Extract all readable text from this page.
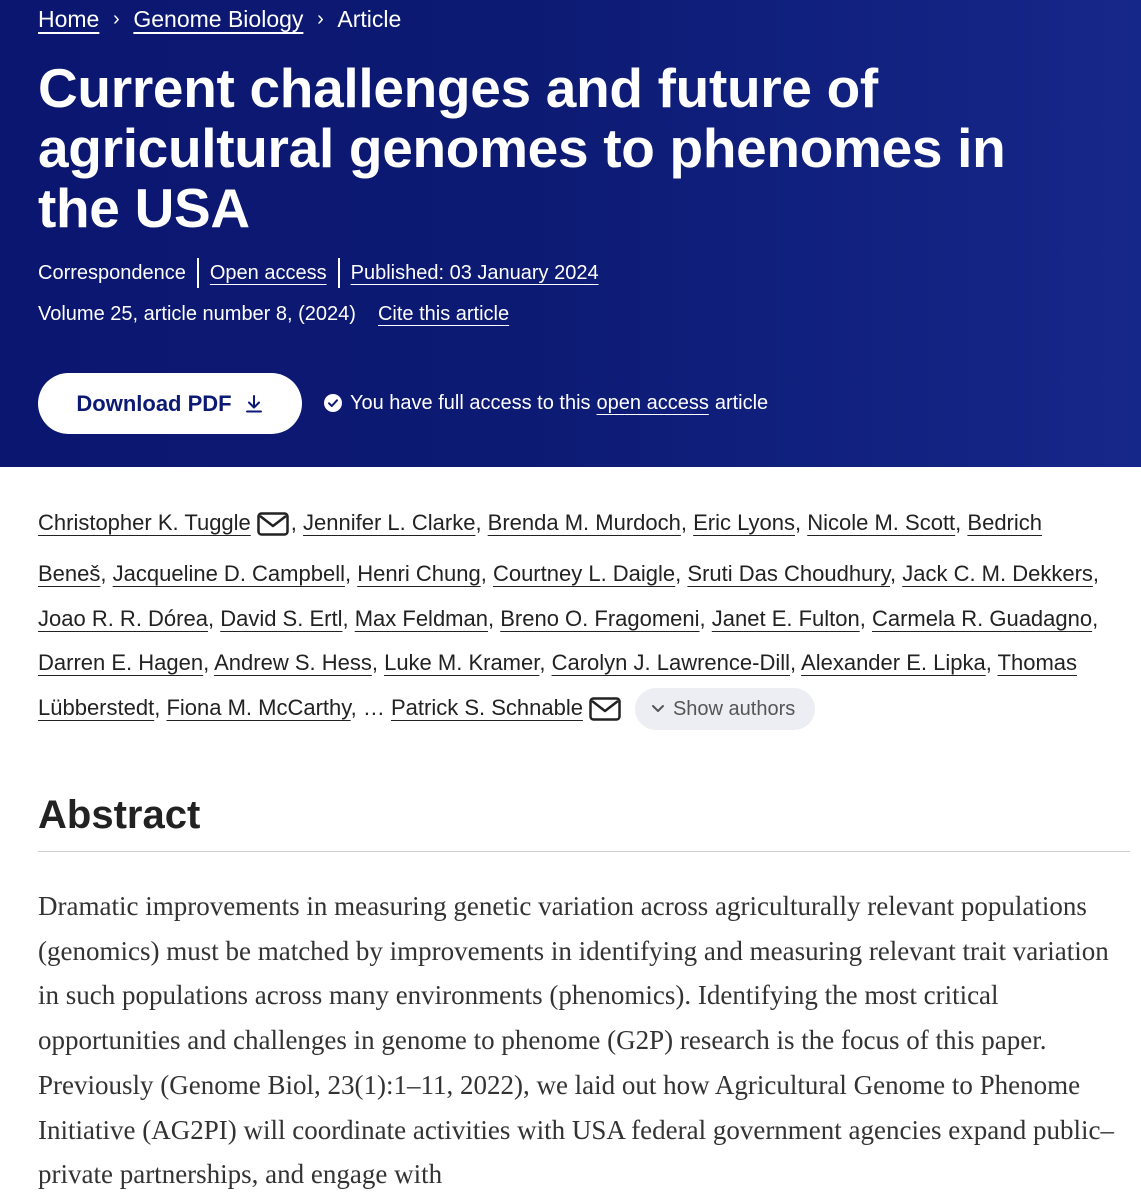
Home › Genome Biology › Article
Current challenges and future of agricultural genomes to phenomes in the USA
Correspondence Open access Published: 03 January 2024
Volume 25, article number 8, (2024) Cite this article
Download PDF	You have full access to this open access article
Christopher K. Tuggle , Jennifer L. Clarke, Brenda M. Murdoch, Eric Lyons, Nicole M. Scott, Bedrich Beneš, Jacqueline D. Campbell, Henri Chung, Courtney L. Daigle, Sruti Das Choudhury, Jack C. M. Dekkers, Joao R. R. Dórea, David S. Ertl, Max Feldman, Breno O. Fragomeni, Janet E. Fulton, Carmela R. Guadagno, Darren E. Hagen, Andrew S. Hess, Luke M. Kramer, Carolyn J. Lawrence-Dill, Alexander E. Lipka, Thomas Lübberstedt, Fiona M. McCarthy, … Patrick S. Schnable	Show authors
Abstract

Dramatic improvements in measuring genetic variation across agriculturally relevant populations (genomics) must be matched by improvements in identifying and measuring relevant trait variation in such populations across many environments (phenomics). Identifying the most critical opportunities and challenges in genome to phenome (G2P) research is the focus of this paper. Previously (Genome Biol, 23(1):1–11, 2022), we laid out how Agricultural Genome to Phenome Initiative (AG2PI) will coordinate activities with USA federal government agencies expand public–private partnerships, and engage with
